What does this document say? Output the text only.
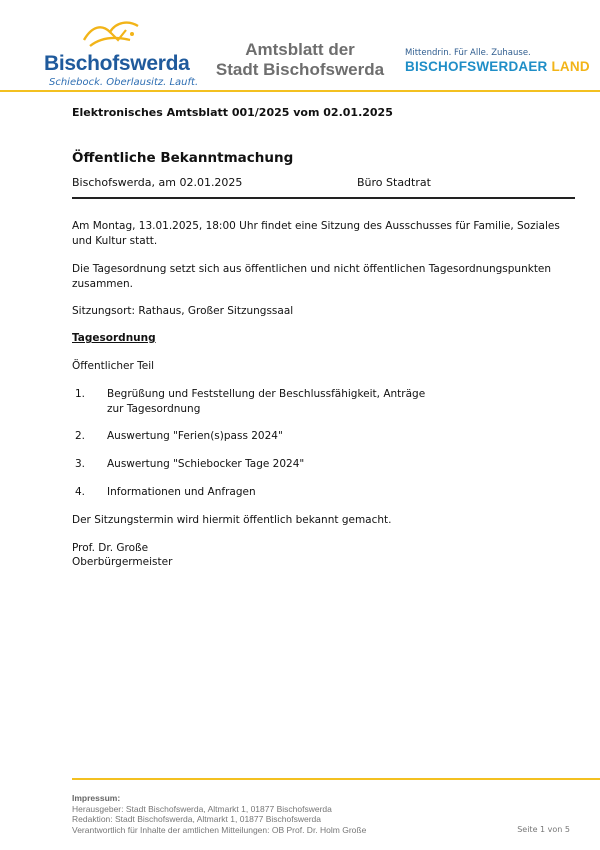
Bischofswerda
Schiebock. Oberlausitz. Lauft.
Amtsblatt der
Stadt Bischofswerda
Mittendrin. Für Alle. Zuhause.
BISCHOFSWERDAER LAND
Elektronisches Amtsblatt 001/2025 vom 02.01.2025
Öffentliche Bekanntmachung
Bischofswerda, am 02.01.2025	Büro Stadtrat
Am Montag, 13.01.2025, 18:00 Uhr findet eine Sitzung des Ausschusses für Familie, Soziales und Kultur statt.
Die Tagesordnung setzt sich aus öffentlichen und nicht öffentlichen Tagesordnungspunkten zusammen.
Sitzungsort: Rathaus, Großer Sitzungssaal
Tagesordnung
Öffentlicher Teil
1. Begrüßung und Feststellung der Beschlussfähigkeit, Anträge zur Tagesordnung
2. Auswertung "Ferien(s)pass 2024"
3. Auswertung "Schiebocker Tage 2024"
4. Informationen und Anfragen
Der Sitzungstermin wird hiermit öffentlich bekannt gemacht.
Prof. Dr. Große
Oberbürgermeister
Impressum:
Herausgeber: Stadt Bischofswerda, Altmarkt 1, 01877 Bischofswerda
Redaktion: Stadt Bischofswerda, Altmarkt 1, 01877 Bischofswerda
Verantwortlich für Inhalte der amtlichen Mitteilungen: OB Prof. Dr. Holm Große	Seite 1 von 5
